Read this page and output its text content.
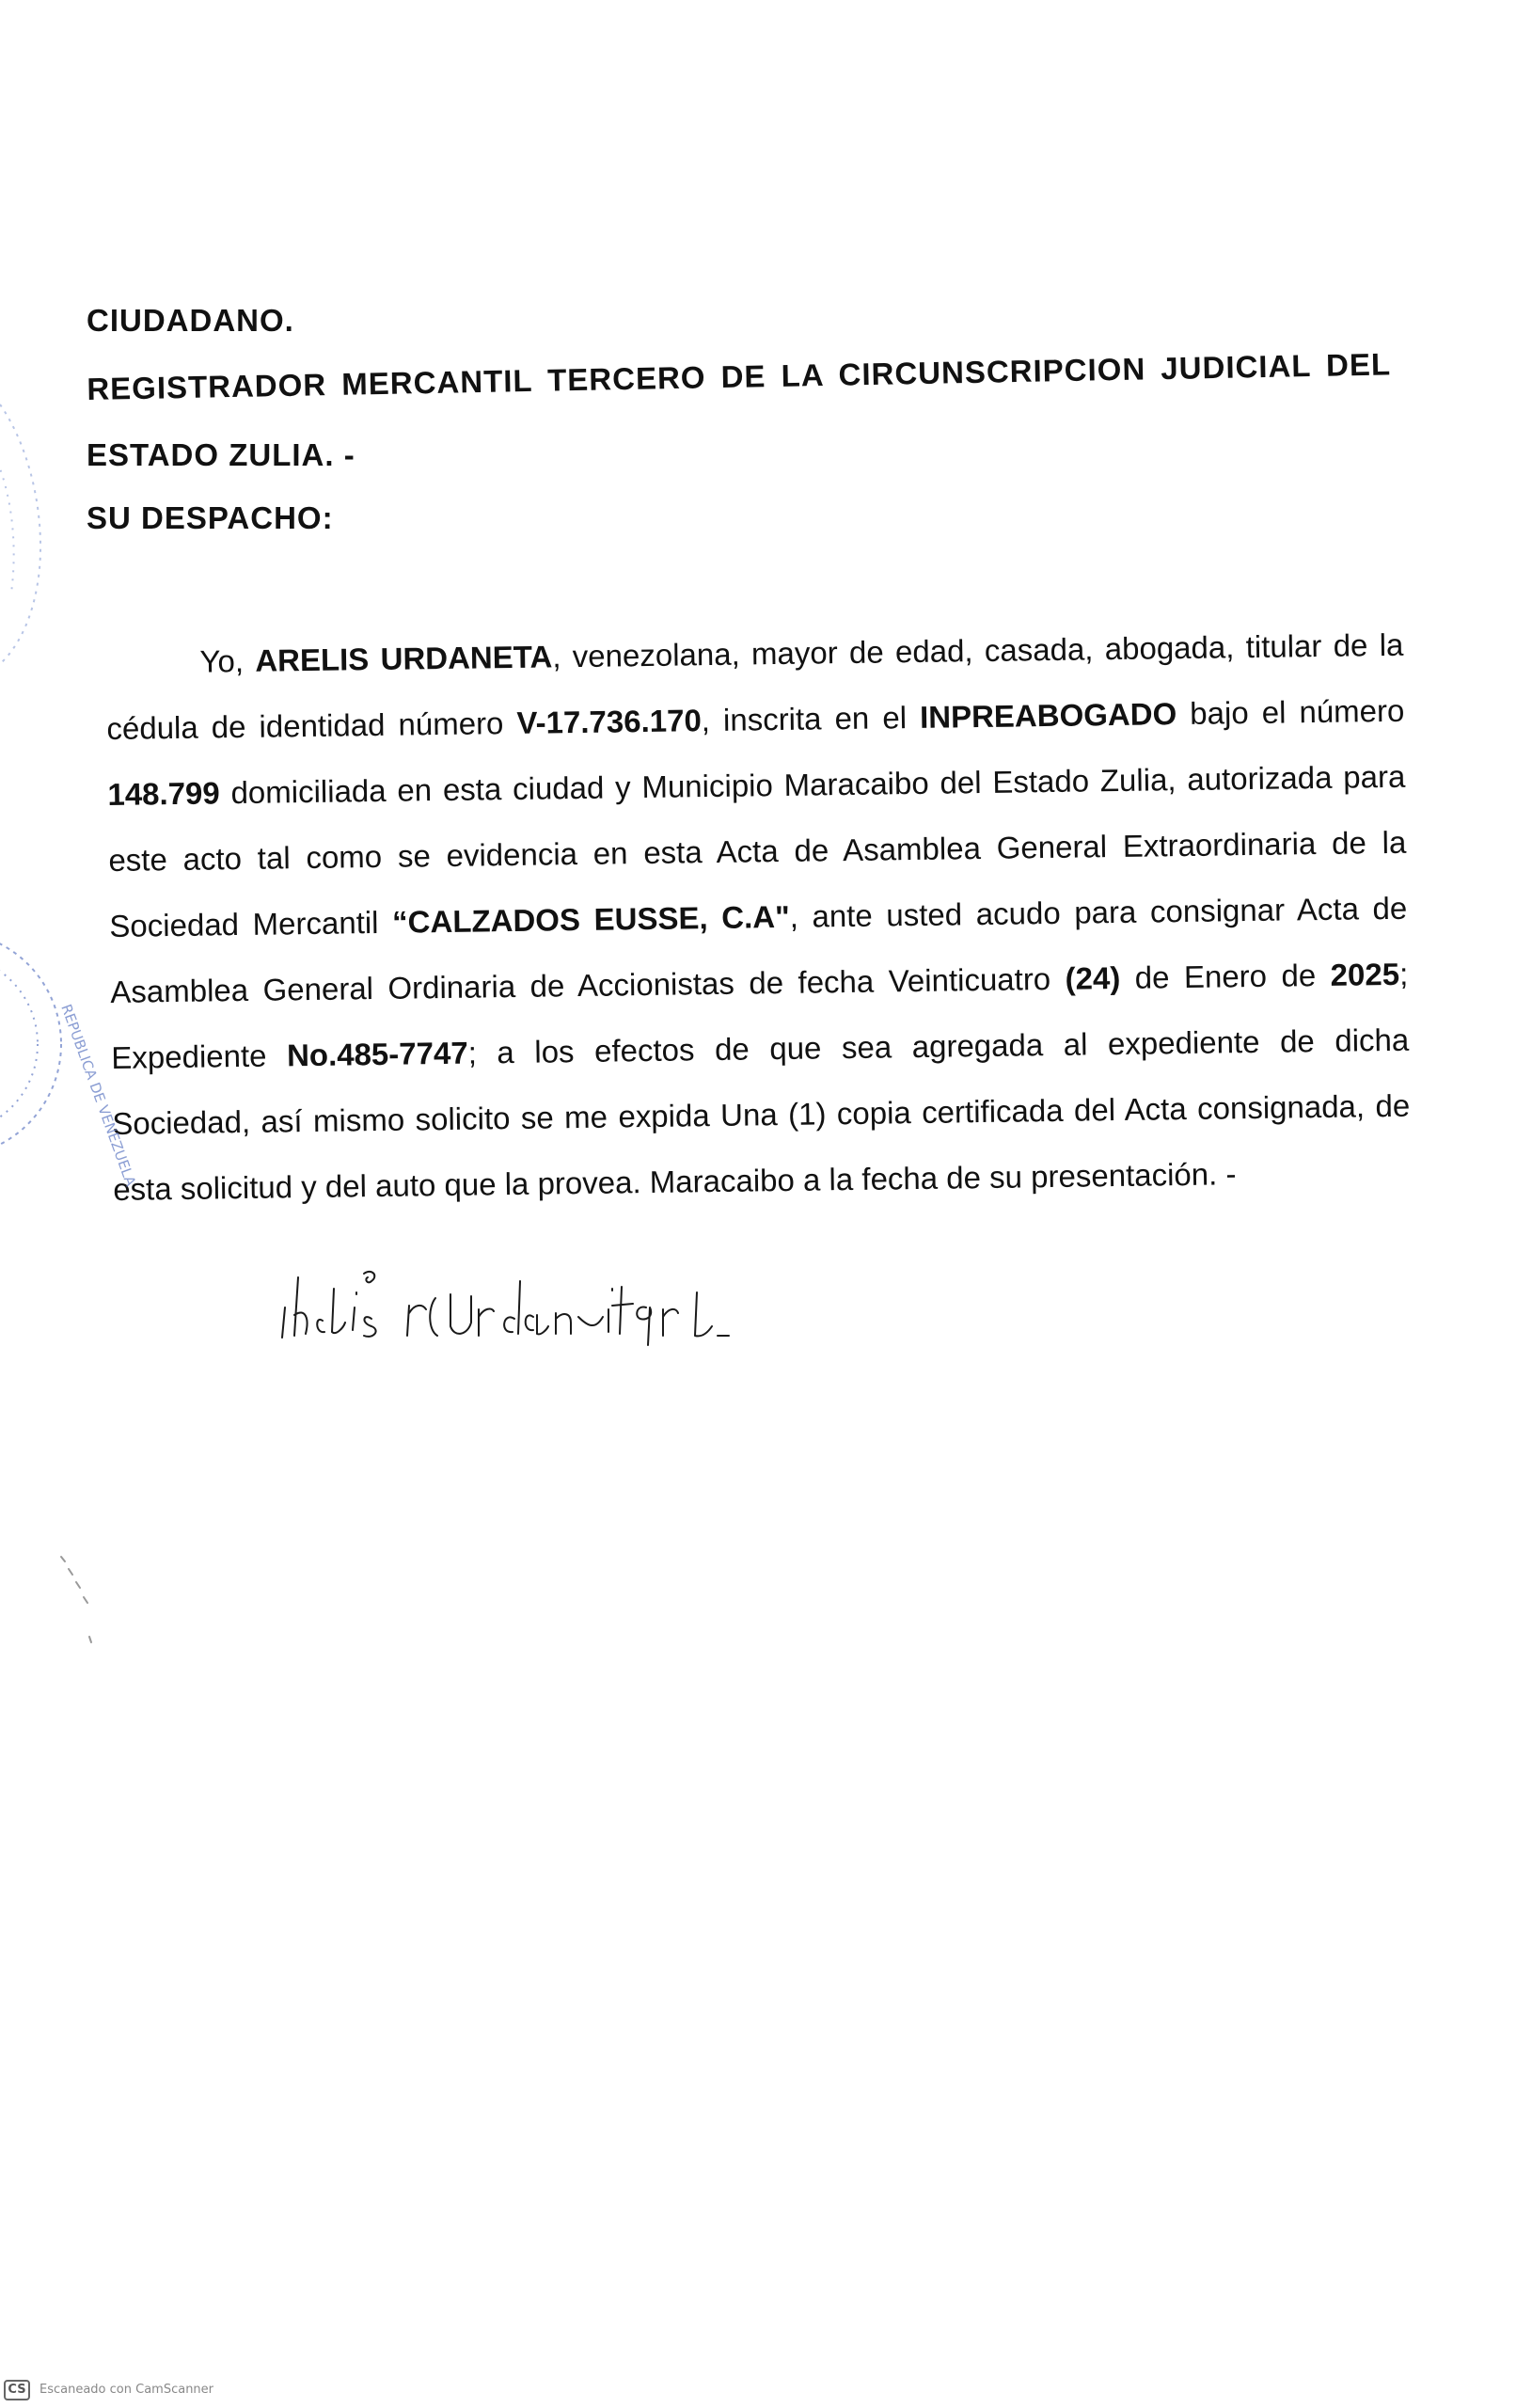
CIUDADANO.
REGISTRADOR MERCANTIL TERCERO DE LA CIRCUNSCRIPCION JUDICIAL DEL
ESTADO ZULIA. -
SU DESPACHO:

Yo, ARELIS URDANETA, venezolana, mayor de edad, casada, abogada, titular de la cédula de identidad número V-17.736.170, inscrita en el INPREABOGADO bajo el número 148.799 domiciliada en esta ciudad y Municipio Maracaibo del Estado Zulia, autorizada para este acto tal como se evidencia en esta Acta de Asamblea General Extraordinaria de la Sociedad Mercantil “CALZADOS EUSSE, C.A", ante usted acudo para consignar Acta de Asamblea General Ordinaria de Accionistas de fecha Veinticuatro (24) de Enero de 2025; Expediente No.485-7747; a los efectos de que sea agregada al expediente de dicha Sociedad, así mismo solicito se me expida Una (1) copia certificada del Acta consignada, de esta solicitud y del auto que la provea. Maracaibo a la fecha de su presentación. -

REPUBLICA DE VENEZUELA
CS	Escaneado con CamScanner
